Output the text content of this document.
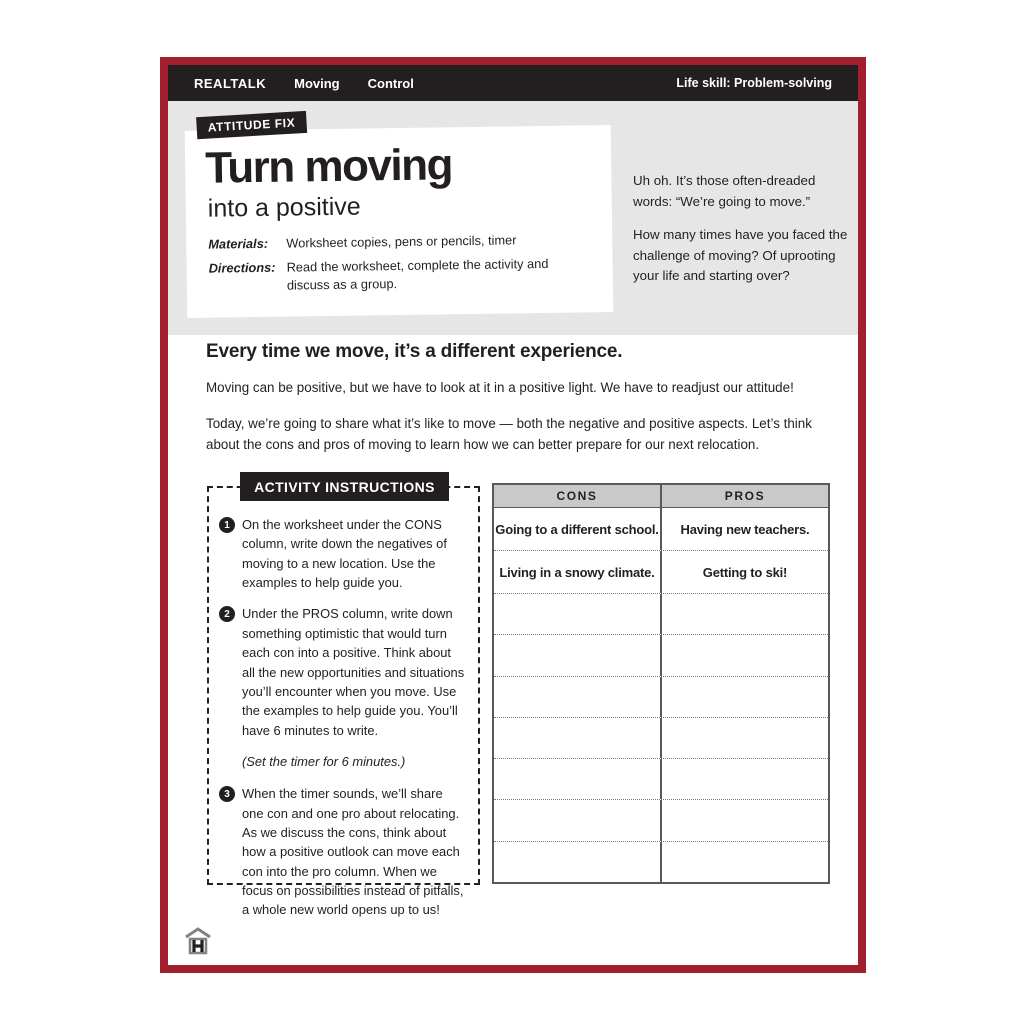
REALTALK Moving Control	Life skill: Problem-solving
ATTITUDE FIX
Turn moving
into a positive
Materials:	Worksheet copies, pens or pencils, timer
Directions: Read the worksheet, complete the activity and discuss as a group.

Uh oh. It’s those often-dreaded words: “We’re going to move.”

How many times have you faced the challenge of moving? Of uprooting your life and starting over?

Every time we move, it’s a different experience.

Moving can be positive, but we have to look at it in a positive light. We have to readjust our attitude!

Today, we’re going to share what it’s like to move — both the negative and positive aspects. Let’s think about the cons and pros of moving to learn how we can better prepare for our next relocation.

ACTIVITY INSTRUCTIONS
1 On the worksheet under the CONS column, write down the negatives of moving to a new location. Use the examples to help guide you.
2 Under the PROS column, write down something optimistic that would turn each con into a positive. Think about all the new opportunities and situations you’ll encounter when you move. Use the examples to help guide you. You’ll have 6 minutes to write.
(Set the timer for 6 minutes.)
3 When the timer sounds, we’ll share one con and one pro about relocating. As we discuss the cons, think about how a positive outlook can move each con into the pro column. When we focus on possibilities instead of pitfalls, a whole new world opens up to us!
CONS	PROS
Going to a different school.	Having new teachers.
Living in a snowy climate.	Getting to ski!
